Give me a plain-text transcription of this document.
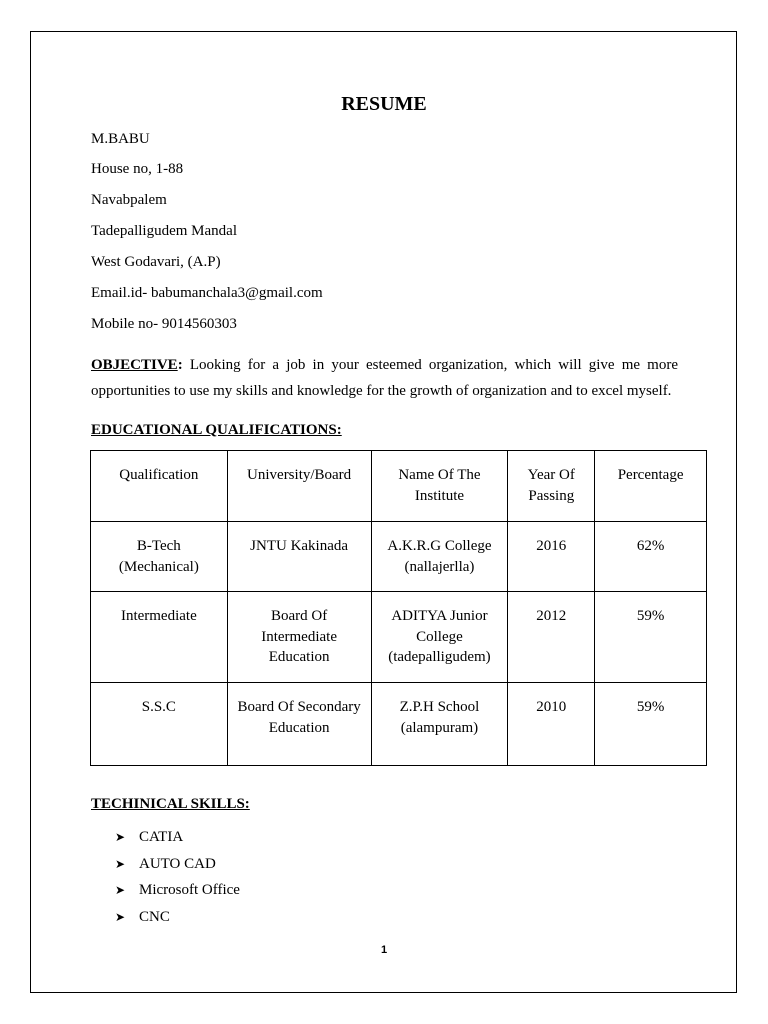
RESUME
M.BABU
House no, 1-88
Navabpalem
Tadepalligudem Mandal
West Godavari, (A.P)
Email.id- babumanchala3@gmail.com
Mobile no- 9014560303
OBJECTIVE: Looking for a job in your esteemed organization, which will give me more opportunities to use my skills and knowledge for the growth of organization and to excel myself.
EDUCATIONAL QUALIFICATIONS:
Qualification	University/Board	Name Of The Institute	Year Of Passing	Percentage
B-Tech (Mechanical)	JNTU Kakinada	A.K.R.G College (nallajerlla)	2016	62%
Intermediate	Board Of Intermediate Education	ADITYA Junior College (tadepalligudem)	2012	59%
S.S.C	Board Of Secondary Education	Z.P.H School (alampuram)	2010	59%
TECHINICAL SKILLS:
➤ CATIA
➤ AUTO CAD
➤ Microsoft Office
➤ CNC
1
